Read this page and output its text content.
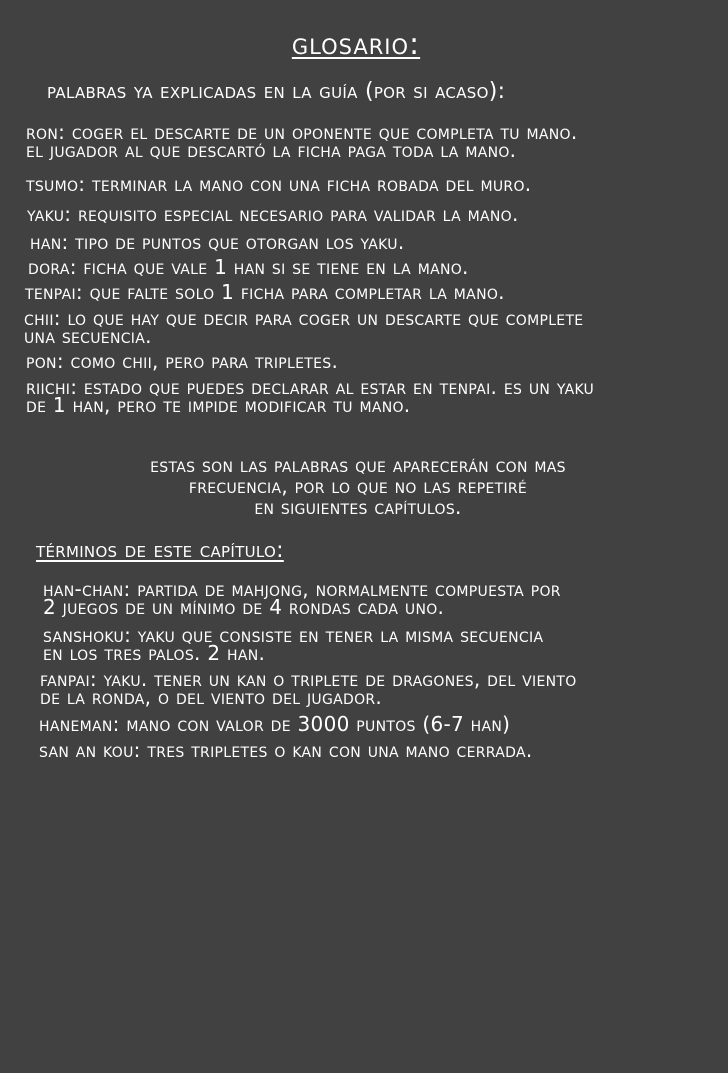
glosario:
palabras ya explicadas en la guía (por si acaso):
ron: coger el descarte de un oponente que completa tu mano.
el jugador al que descartó la ficha paga toda la mano.
tsumo: terminar la mano con una ficha robada del muro.
yaku: requisito especial necesario para validar la mano.
han: tipo de puntos que otorgan los yaku.
dora: ficha que vale 1 han si se tiene en la mano.
tenpai: que falte solo 1 ficha para completar la mano.
chii: lo que hay que decir para coger un descarte que complete
una secuencia.
pon: como chii, pero para tripletes.
riichi: estado que puedes declarar al estar en tenpai. es un yaku
de 1 han, pero te impide modificar tu mano.
estas son las palabras que aparecerán con mas
frecuencia, por lo que no las repetiré
en siguientes capítulos.
términos de este capítulo:
han-chan: partida de mahjong, normalmente compuesta por
2 juegos de un mínimo de 4 rondas cada uno.
sanshoku: yaku que consiste en tener la misma secuencia
en los tres palos. 2 han.
fanpai: yaku. tener un kan o triplete de dragones, del viento
de la ronda, o del viento del jugador.
haneman: mano con valor de 3000 puntos (6-7 han)
san an kou: tres tripletes o kan con una mano cerrada.
